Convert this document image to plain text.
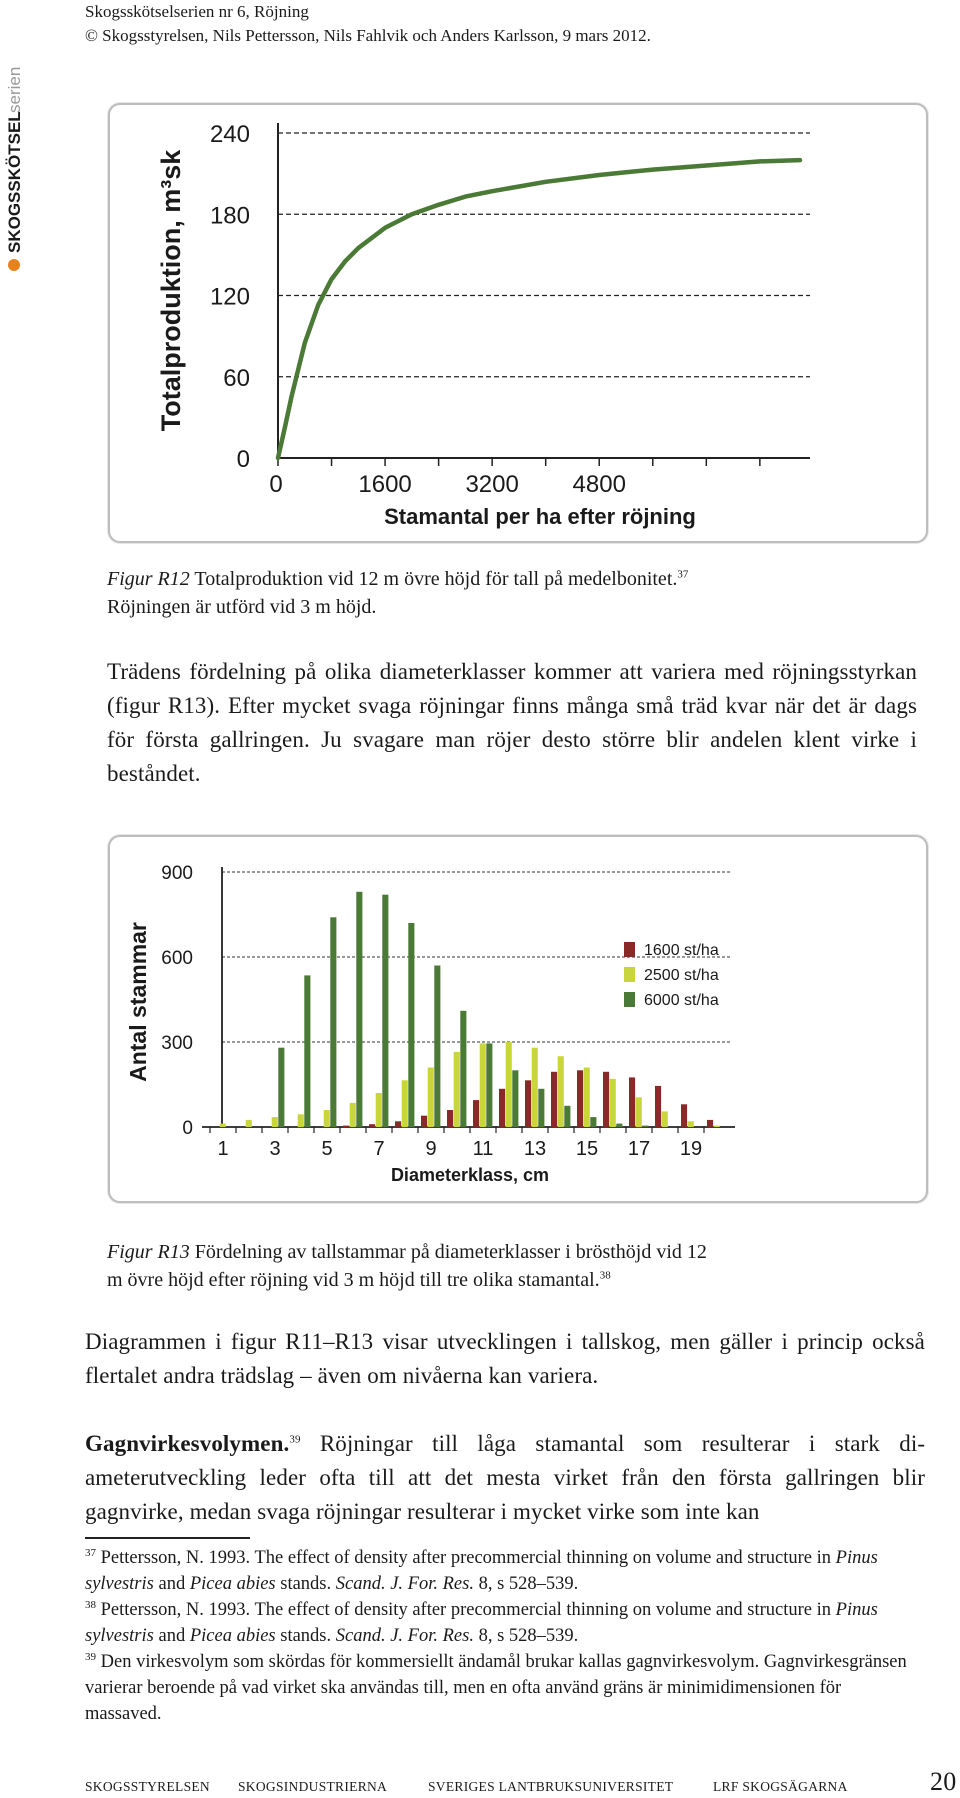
Skogsskötselserien nr 6, Röjning
© Skogsstyrelsen, Nils Pettersson, Nils Fahlvik och Anders Karlsson, 9 mars 2012.
SKOGSSKÖTSEL
serien
240
180
120
60
0
0	1600 3200 4800
Stamantal per ha efter röjning
Totalproduktion, m³sk
Figur R12 Totalproduktion vid 12 m övre höjd för tall på medelbonitet.$^{37}$
Röjningen är utförd vid 3 m höjd.
Trädens fördelning på olika diameterklasser kommer att variera med röjningsstyrkan (figur R13). Efter mycket svaga röjningar finns många små träd kvar när det är dags för första gallringen. Ju svagare man röjer desto större blir andelen klent virke i beståndet.
900
600
300
0
1 3 5 7 9 11 13 15 17 19
Diameterklass, cm
Antal stammar	1600 st/ha
2500 st/ha
6000 st/ha
Figur R13 Fördelning av tallstammar på diameterklasser i brösthöjd vid 12
m övre höjd efter röjning vid 3 m höjd till tre olika stamantal.$^{38}$
Diagrammen i figur R11–R13 visar utvecklingen i tallskog, men gäller i princip också flertalet andra trädslag – även om nivåerna kan variera.
Gagnvirkesvolymen.$^{39}$ Röjningar till låga stamantal som resulterar i stark diameterutveckling leder ofta till att det mesta virket från den första gallringen blir gagnvirke, medan svaga röjningar resulterar i mycket virke som inte kan

$^{37}$ Pettersson, N. 1993. The effect of density after precommercial thinning on volume and structure in Pinus sylvestris and Picea abies stands. Scand. J. For. Res. 8, s 528–539.

$^{38}$ Pettersson, N. 1993. The effect of density after precommercial thinning on volume and structure in Pinus sylvestris and Picea abies stands. Scand. J. For. Res. 8, s 528–539.

$^{39}$ Den virkesvolym som skördas för kommersiellt ändamål brukar kallas gagnvirkesvolym. Gagnvirkesgränsen varierar beroende på vad virket ska användas till, men en ofta använd gräns är minimidimensionen för massaved.

SKOGSSTYRELSEN SKOGSINDUSTRIERNA	SVERIGES LANTBRUKSUNIVERSITET	LRF SKOGSÄGARNA	20
